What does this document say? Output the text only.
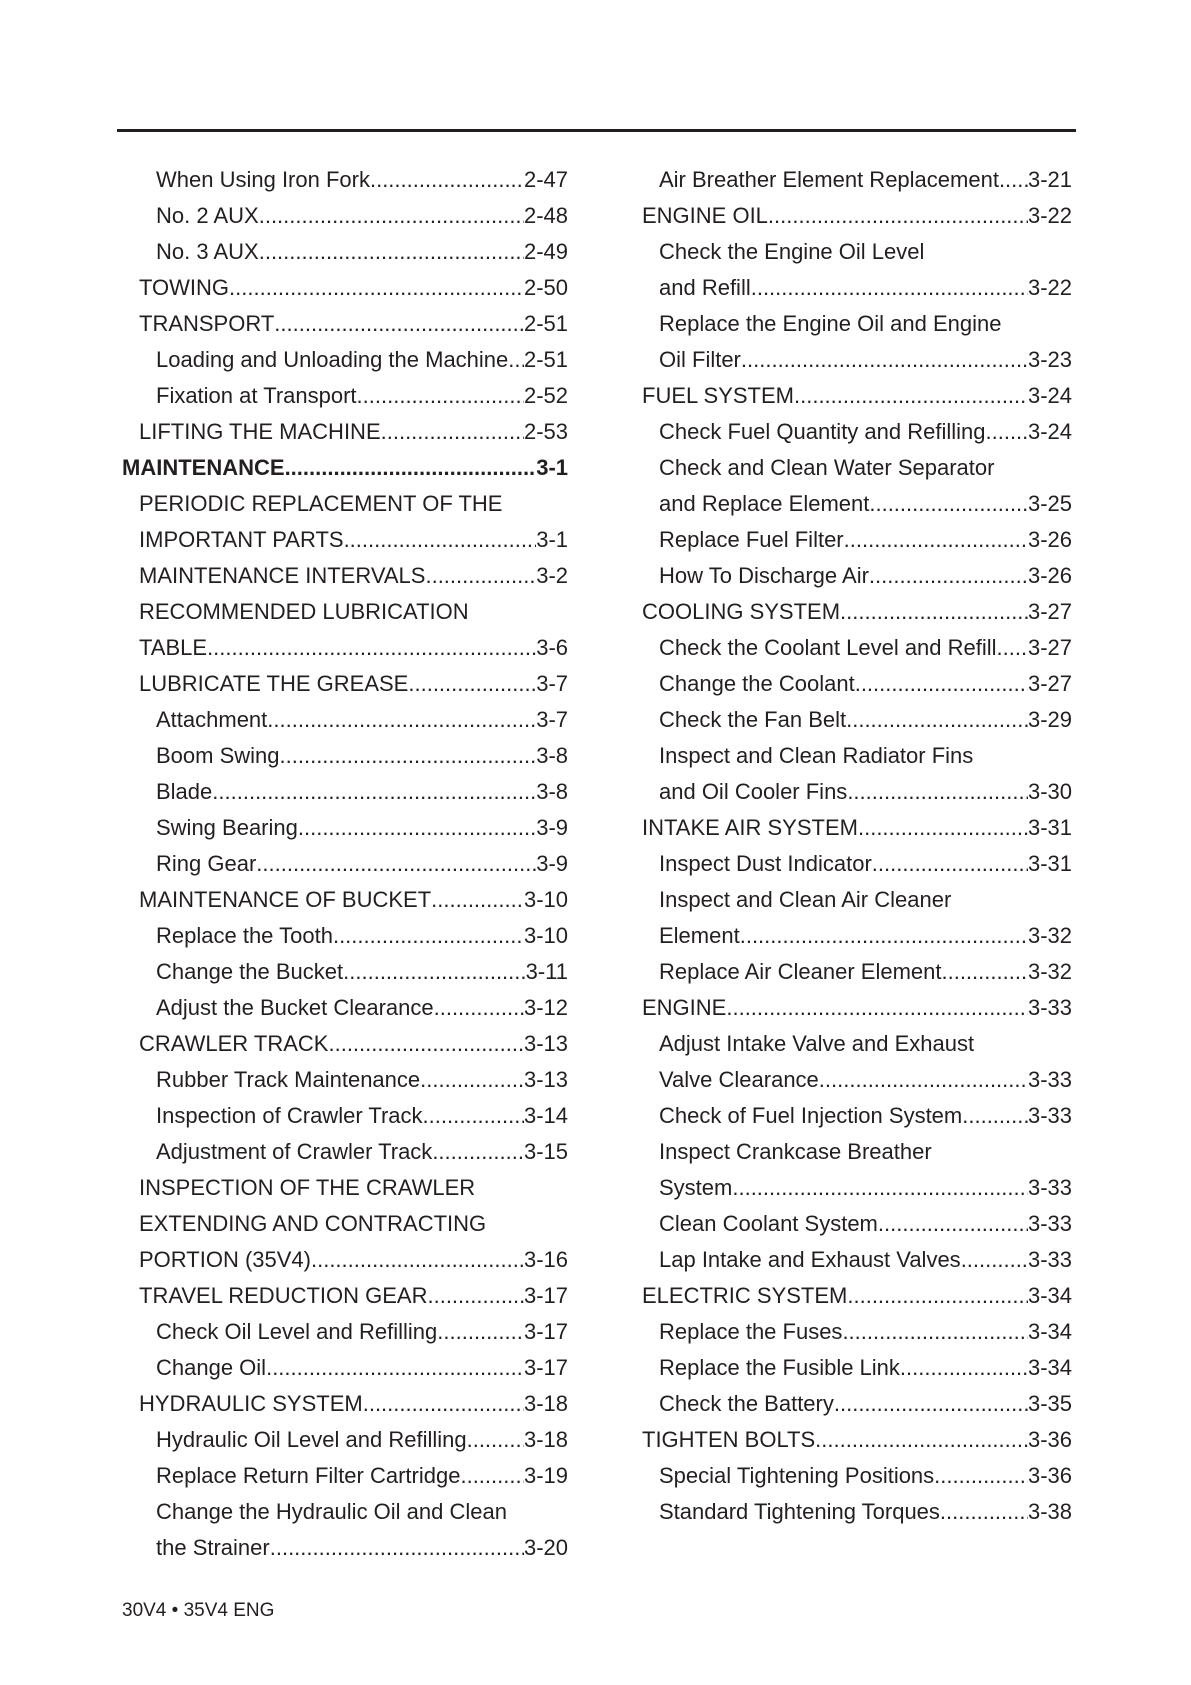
When Using Iron Fork .....	2-47
No. 2 AUX .....	2-48
No. 3 AUX .....	2-49
TOWING .....	2-50
TRANSPORT .....	2-51
Loading and Unloading the Machine ..... 2-51
Fixation at Transport .....	2-52
LIFTING THE MACHINE .....	2-53
MAINTENANCE .....	3-1
PERIODIC REPLACEMENT OF THE
IMPORTANT PARTS .....	3-1
MAINTENANCE INTERVALS .....	3-2
RECOMMENDED LUBRICATION
TABLE .....	3-6
LUBRICATE THE GREASE .....	3-7
Attachment .....	3-7
Boom Swing .....	3-8
Blade .....	3-8
Swing Bearing .....	3-9
Ring Gear .....	3-9
MAINTENANCE OF BUCKET .....	3-10
Replace the Tooth .....	3-10
Change the Bucket .....	3-11
Adjust the Bucket Clearance .....	3-12
CRAWLER TRACK .....	3-13
Rubber Track Maintenance .....	3-13
Inspection of Crawler Track .....	3-14
Adjustment of Crawler Track .....	3-15
INSPECTION OF THE CRAWLER
EXTENDING AND CONTRACTING
PORTION (35V4) .....	3-16
TRAVEL REDUCTION GEAR .....	3-17
Check Oil Level and Refilling .....	3-17
Change Oil .....	3-17
HYDRAULIC SYSTEM .....	3-18
Hydraulic Oil Level and Refilling .....	3-18
Replace Return Filter Cartridge .....	3-19
Change the Hydraulic Oil and Clean
the Strainer .....	3-20
Air Breather Element Replacement ..... 3-21
ENGINE OIL .....	3-22
Check the Engine Oil Level
and Refill .....	3-22
Replace the Engine Oil and Engine
Oil Filter .....	3-23
FUEL SYSTEM .....	3-24
Check Fuel Quantity and Refilling ..... 3-24
Check and Clean Water Separator
and Replace Element .....	3-25
Replace Fuel Filter .....	3-26
How To Discharge Air .....	3-26
COOLING SYSTEM .....	3-27
Check the Coolant Level and Refill ..... 3-27
Change the Coolant .....	3-27
Check the Fan Belt .....	3-29
Inspect and Clean Radiator Fins
and Oil Cooler Fins .....	3-30
INTAKE AIR SYSTEM .....	3-31
Inspect Dust Indicator .....	3-31
Inspect and Clean Air Cleaner
Element .....	3-32
Replace Air Cleaner Element .....	3-32
ENGINE .....	3-33
Adjust Intake Valve and Exhaust
Valve Clearance .....	3-33
Check of Fuel Injection System .....	3-33
Inspect Crankcase Breather
System .....	3-33
Clean Coolant System .....	3-33
Lap Intake and Exhaust Valves .....	3-33
ELECTRIC SYSTEM .....	3-34
Replace the Fuses .....	3-34
Replace the Fusible Link .....	3-34
Check the Battery .....	3-35
TIGHTEN BOLTS .....	3-36
Special Tightening Positions .....	3-36
Standard Tightening Torques .....	3-38
30V4 • 35V4 ENG
